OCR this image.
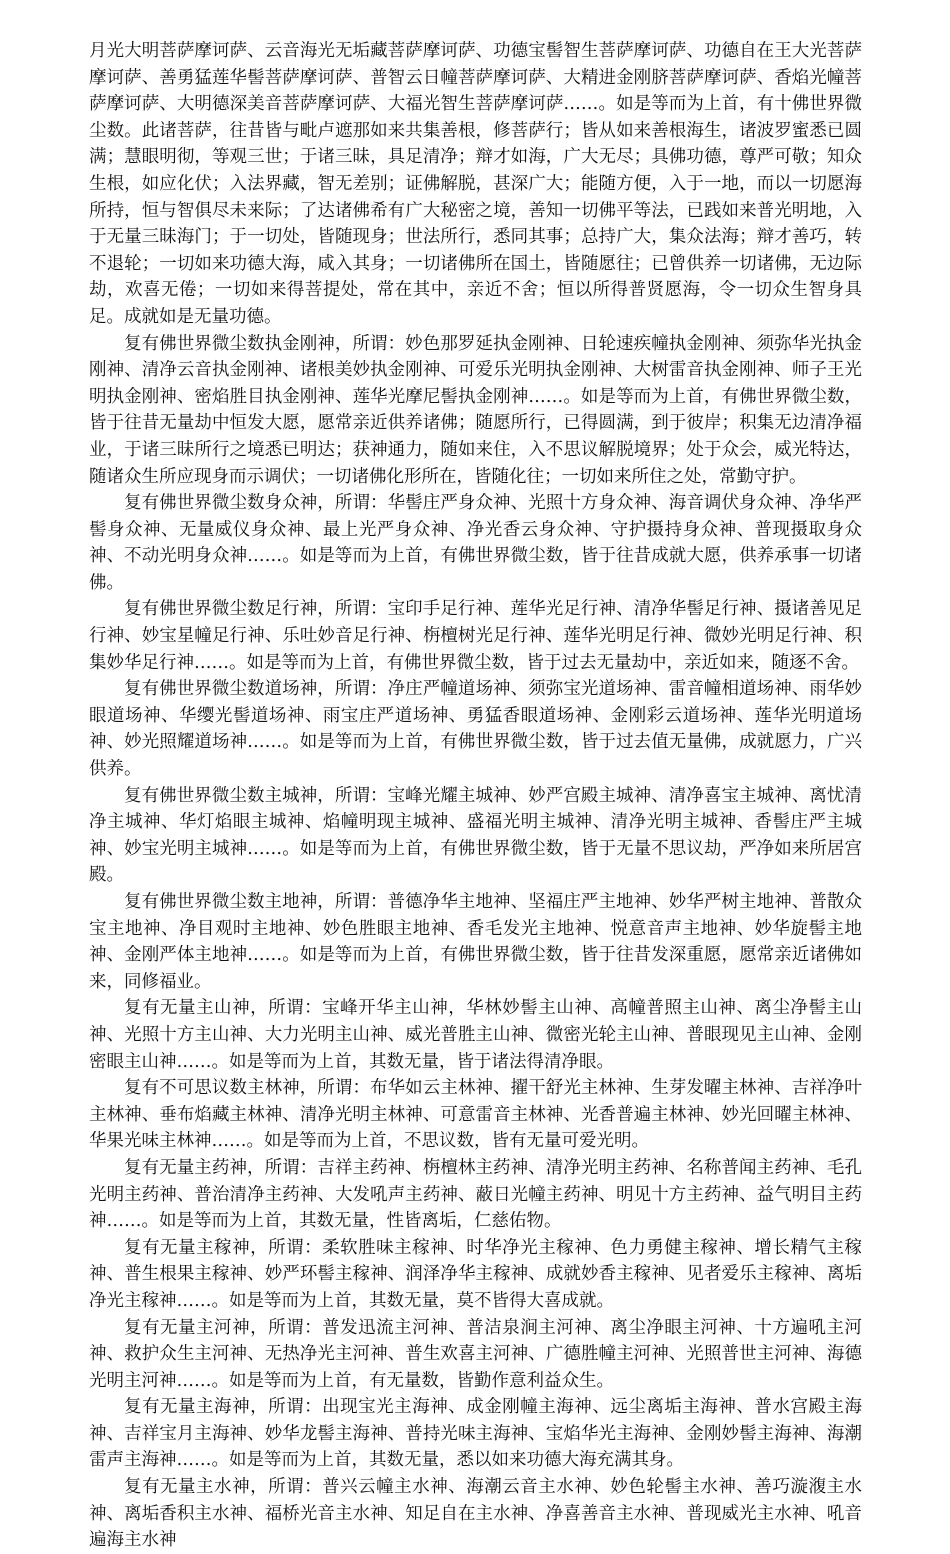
月光大明菩萨摩诃萨、云音海光无垢藏菩萨摩诃萨、功德宝髻智生菩萨摩诃萨、功德自在王大光菩萨摩诃萨、善勇猛莲华髻菩萨摩诃萨、普智云日幢菩萨摩诃萨、大精进金刚脐菩萨摩诃萨、香焰光幢菩萨摩诃萨、大明德深美音菩萨摩诃萨、大福光智生菩萨摩诃萨……。如是等而为上首，有十佛世界微尘数。此诸菩萨，往昔皆与毗卢遮那如来共集善根，修菩萨行；皆从如来善根海生，诸波罗蜜悉已圆满；慧眼明彻，等观三世；于诸三昧，具足清净；辩才如海，广大无尽；具佛功德，尊严可敬；知众生根，如应化伏；入法界藏，智无差别；证佛解脱，甚深广大；能随方便，入于一地，而以一切愿海所持，恒与智俱尽未来际；了达诸佛希有广大秘密之境，善知一切佛平等法，已践如来普光明地，入于无量三昧海门；于一切处，皆随现身；世法所行，悉同其事；总持广大，集众法海；辩才善巧，转不退轮；一切如来功德大海，咸入其身；一切诸佛所在国土，皆随愿往；已曾供养一切诸佛，无边际劫，欢喜无倦；一切如来得菩提处，常在其中，亲近不舍；恒以所得普贤愿海，令一切众生智身具足。成就如是无量功德。

复有佛世界微尘数执金刚神，所谓：妙色那罗延执金刚神、日轮速疾幢执金刚神、须弥华光执金刚神、清净云音执金刚神、诸根美妙执金刚神、可爱乐光明执金刚神、大树雷音执金刚神、师子王光明执金刚神、密焰胜目执金刚神、莲华光摩尼髻执金刚神……。如是等而为上首，有佛世界微尘数，皆于往昔无量劫中恒发大愿，愿常亲近供养诸佛；随愿所行，已得圆满，到于彼岸；积集无边清净福业，于诸三昧所行之境悉已明达；获神通力，随如来住，入不思议解脱境界；处于众会，威光特达，随诸众生所应现身而示调伏；一切诸佛化形所在，皆随化往；一切如来所住之处，常勤守护。

复有佛世界微尘数身众神，所谓：华髻庄严身众神、光照十方身众神、海音调伏身众神、净华严髻身众神、无量威仪身众神、最上光严身众神、净光香云身众神、守护摄持身众神、普现摄取身众神、不动光明身众神……。如是等而为上首，有佛世界微尘数，皆于往昔成就大愿，供养承事一切诸佛。

复有佛世界微尘数足行神，所谓：宝印手足行神、莲华光足行神、清净华髻足行神、摄诸善见足行神、妙宝星幢足行神、乐吐妙音足行神、栴檀树光足行神、莲华光明足行神、微妙光明足行神、积集妙华足行神……。如是等而为上首，有佛世界微尘数，皆于过去无量劫中，亲近如来，随逐不舍。

复有佛世界微尘数道场神，所谓：净庄严幢道场神、须弥宝光道场神、雷音幢相道场神、雨华妙眼道场神、华缨光髻道场神、雨宝庄严道场神、勇猛香眼道场神、金刚彩云道场神、莲华光明道场神、妙光照耀道场神……。如是等而为上首，有佛世界微尘数，皆于过去值无量佛，成就愿力，广兴供养。

复有佛世界微尘数主城神，所谓：宝峰光耀主城神、妙严宫殿主城神、清净喜宝主城神、离忧清净主城神、华灯焰眼主城神、焰幢明现主城神、盛福光明主城神、清净光明主城神、香髻庄严主城神、妙宝光明主城神……。如是等而为上首，有佛世界微尘数，皆于无量不思议劫，严净如来所居宫殿。

复有佛世界微尘数主地神，所谓：普德净华主地神、坚福庄严主地神、妙华严树主地神、普散众宝主地神、净目观时主地神、妙色胜眼主地神、香毛发光主地神、悦意音声主地神、妙华旋髻主地神、金刚严体主地神……。如是等而为上首，有佛世界微尘数，皆于往昔发深重愿，愿常亲近诸佛如来，同修福业。

复有无量主山神，所谓：宝峰开华主山神，华林妙髻主山神、高幢普照主山神、离尘净髻主山神、光照十方主山神、大力光明主山神、威光普胜主山神、微密光轮主山神、普眼现见主山神、金刚密眼主山神……。如是等而为上首，其数无量，皆于诸法得清净眼。

复有不可思议数主林神，所谓：布华如云主林神、擢干舒光主林神、生芽发曜主林神、吉祥净叶主林神、垂布焰藏主林神、清净光明主林神、可意雷音主林神、光香普遍主林神、妙光回曜主林神、华果光味主林神……。如是等而为上首，不思议数，皆有无量可爱光明。

复有无量主药神，所谓：吉祥主药神、栴檀林主药神、清净光明主药神、名称普闻主药神、毛孔光明主药神、普治清净主药神、大发吼声主药神、蔽日光幢主药神、明见十方主药神、益气明目主药神……。如是等而为上首，其数无量，性皆离垢，仁慈佑物。

复有无量主稼神，所谓：柔软胜味主稼神、时华净光主稼神、色力勇健主稼神、增长精气主稼神、普生根果主稼神、妙严环髻主稼神、润泽净华主稼神、成就妙香主稼神、见者爱乐主稼神、离垢净光主稼神……。如是等而为上首，其数无量，莫不皆得大喜成就。

复有无量主河神，所谓：普发迅流主河神、普洁泉涧主河神、离尘净眼主河神、十方遍吼主河神、救护众生主河神、无热净光主河神、普生欢喜主河神、广德胜幢主河神、光照普世主河神、海德光明主河神……。如是等而为上首，有无量数，皆勤作意利益众生。

复有无量主海神，所谓：出现宝光主海神、成金刚幢主海神、远尘离垢主海神、普水宫殿主海神、吉祥宝月主海神、妙华龙髻主海神、普持光味主海神、宝焰华光主海神、金刚妙髻主海神、海潮雷声主海神……。如是等而为上首，其数无量，悉以如来功德大海充满其身。

复有无量主水神，所谓：普兴云幢主水神、海潮云音主水神、妙色轮髻主水神、善巧漩澓主水神、离垢香积主水神、福桥光音主水神、知足自在主水神、净喜善音主水神、普现威光主水神、吼音遍海主水神
